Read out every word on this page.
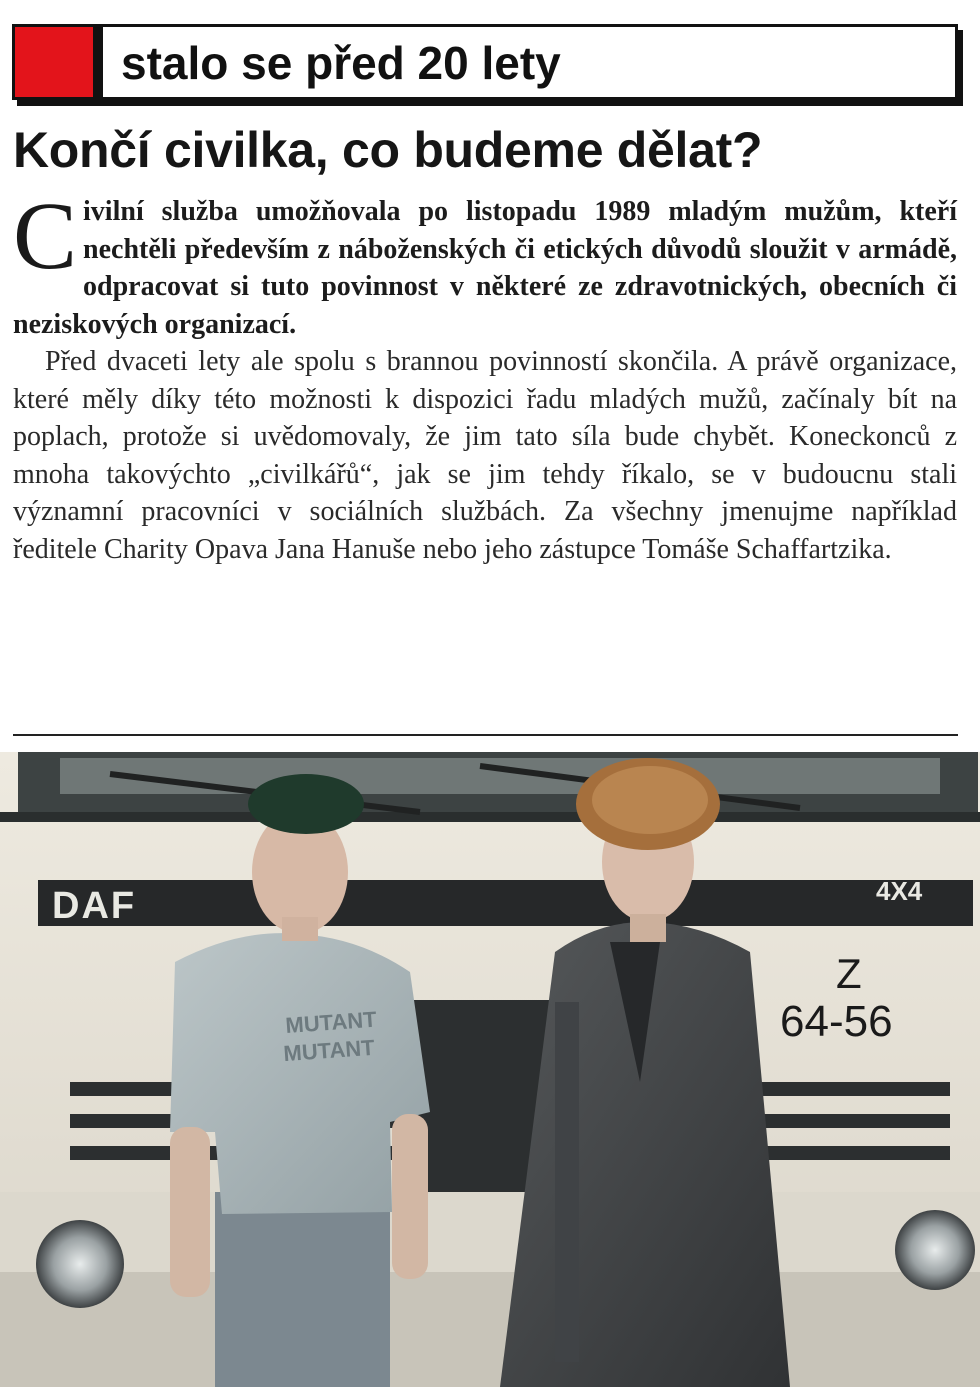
stalo se před 20 lety
Končí civilka, co budeme dělat?

Civilní služba umožňovala po listopadu 1989 mladým mužům, kteří nechtěli především z náboženských či etických důvodů sloužit v armádě, odpracovat si tuto povinnost v některé ze zdravotnických, obecních či neziskových organizací.

Před dvaceti lety ale spolu s brannou povinností skončila. A právě organizace, které měly díky této možnosti k dispozici řadu mladých mužů, začínaly bít na poplach, protože si uvědomovaly, že jim tato síla bude chybět. Koneckonců z mnoha takovýchto „civilkářů“, jak se jim tehdy říkalo, se v budoucnu stali významní pracovníci v sociálních službách. Za všechny jmenujme například ředitele Charity Opava Jana Hanuše nebo jeho zástupce Tomáše Schaffartzika.

DAF	4X4
Z
64-56
MUTANT
MUTANT
